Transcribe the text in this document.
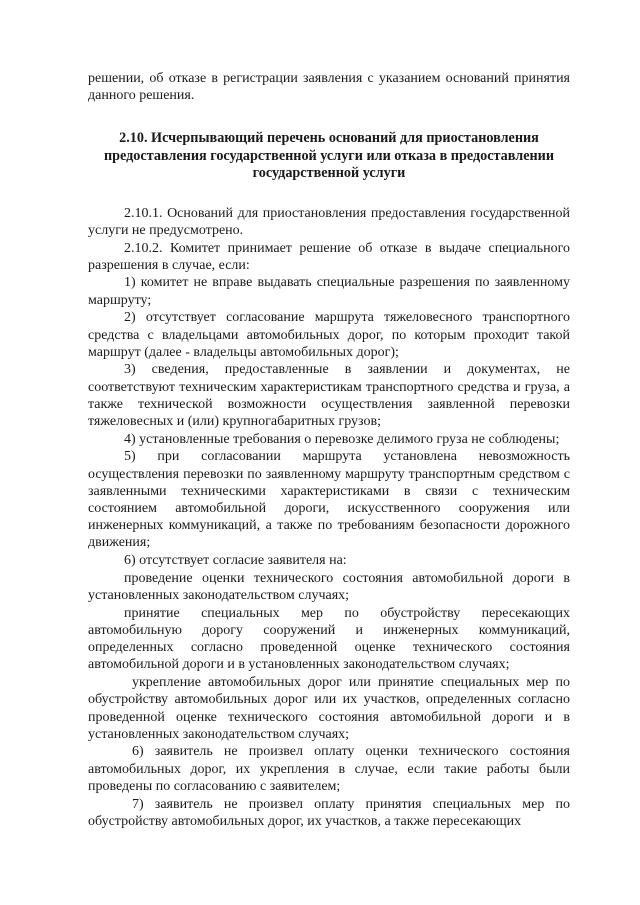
решении, об отказе в регистрации заявления с указанием оснований принятия данного решения.

2.10. Исчерпывающий перечень оснований для приостановления предоставления государственной услуги или отказа в предоставлении государственной услуги

2.10.1. Оснований для приостановления предоставления государственной услуги не предусмотрено.

2.10.2. Комитет принимает решение об отказе в выдаче специального разрешения в случае, если:

1) комитет не вправе выдавать специальные разрешения по заявленному маршруту;

2) отсутствует согласование маршрута тяжеловесного транспортного средства с владельцами автомобильных дорог, по которым проходит такой маршрут (далее - владельцы автомобильных дорог);

3) сведения, предоставленные в заявлении и документах, не соответствуют техническим характеристикам транспортного средства и груза, а также технической возможности осуществления заявленной перевозки тяжеловесных и (или) крупногабаритных грузов;

4) установленные требования о перевозке делимого груза не соблюдены;

5) при согласовании маршрута установлена невозможность осуществления перевозки по заявленному маршруту транспортным средством с заявленными техническими характеристиками в связи с техническим состоянием автомобильной дороги, искусственного сооружения или инженерных коммуникаций, а также по требованиям безопасности дорожного движения;

6) отсутствует согласие заявителя на:

проведение оценки технического состояния автомобильной дороги в установленных законодательством случаях;

принятие специальных мер по обустройству пересекающих автомобильную дорогу сооружений и инженерных коммуникаций, определенных согласно проведенной оценке технического состояния автомобильной дороги и в установленных законодательством случаях;

укрепление автомобильных дорог или принятие специальных мер по обустройству автомобильных дорог или их участков, определенных согласно проведенной оценке технического состояния автомобильной дороги и в установленных законодательством случаях;

6) заявитель не произвел оплату оценки технического состояния автомобильных дорог, их укрепления в случае, если такие работы были проведены по согласованию с заявителем;

7) заявитель не произвел оплату принятия специальных мер по обустройству автомобильных дорог, их участков, а также пересекающих
